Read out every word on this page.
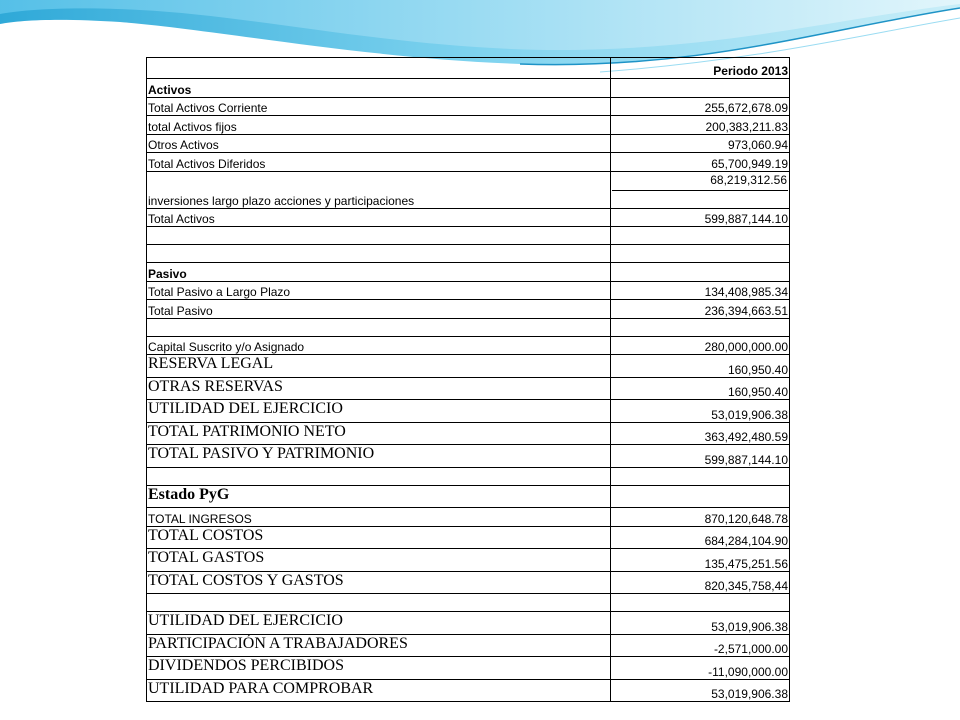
	Periodo 2013
Activos	
Total Activos Corriente	255,672,678.09
total Activos fijos	200,383,211.83
Otros Activos	973,060.94
Total Activos Diferidos	65,700,949.19
inversiones largo plazo acciones y participaciones	68,219,312.56

Total Activos	599,887,144.10

Pasivo	
Total Pasivo a Largo Plazo	134,408,985.34
Total Pasivo	236,394,663.51

Capital Suscrito y/o Asignado	280,000,000.00
RESERVA LEGAL	160,950.40
OTRAS RESERVAS	160,950.40
UTILIDAD DEL EJERCICIO	53,019,906.38
TOTAL PATRIMONIO NETO	363,492,480.59
TOTAL PASIVO Y PATRIMONIO	599,887,144.10

Estado PyG	
TOTAL INGRESOS	870,120,648.78
TOTAL COSTOS	684,284,104.90
TOTAL GASTOS	135,475,251.56
TOTAL COSTOS Y GASTOS	820,345,758,44

UTILIDAD DEL EJERCICIO	53,019,906.38
PARTICIPACIÓN A TRABAJADORES	-2,571,000.00
DIVIDENDOS PERCIBIDOS	-11,090,000.00
UTILIDAD PARA COMPROBAR	53,019,906.38
